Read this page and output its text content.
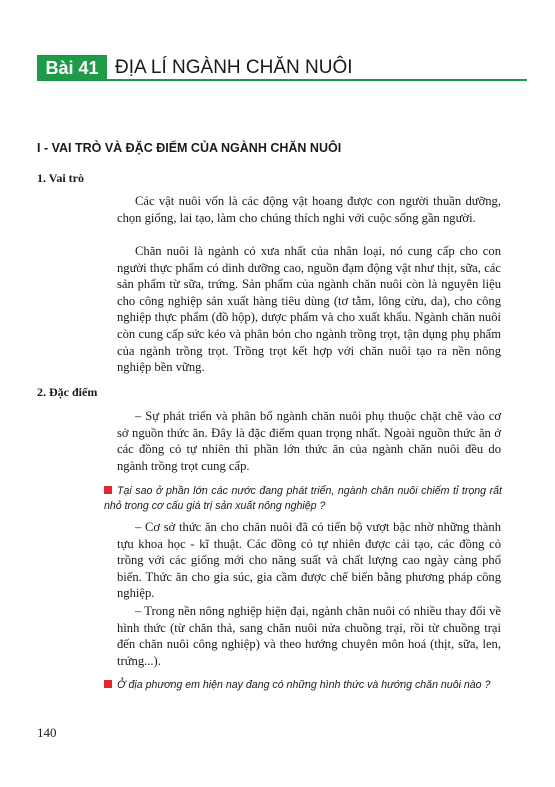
Bài 41 ĐỊA LÍ NGÀNH CHĂN NUÔI
I - VAI TRÒ VÀ ĐẶC ĐIỂM CỦA NGÀNH CHĂN NUÔI
1. Vai trò

Các vật nuôi vốn là các động vật hoang được con người thuần dưỡng, chọn giống, lai tạo, làm cho chúng thích nghi với cuộc sống gần người.

Chăn nuôi là ngành có xưa nhất của nhân loại, nó cung cấp cho con người thực phẩm có dinh dưỡng cao, nguồn đạm động vật như thịt, sữa, các sản phẩm từ sữa, trứng. Sản phẩm của ngành chăn nuôi còn là nguyên liệu cho công nghiệp sản xuất hàng tiêu dùng (tơ tằm, lông cừu, da), cho công nghiệp thực phẩm (đồ hộp), dược phẩm và cho xuất khẩu. Ngành chăn nuôi còn cung cấp sức kéo và phân bón cho ngành trồng trọt, tận dụng phụ phẩm của ngành trồng trọt. Trồng trọt kết hợp với chăn nuôi tạo ra nền nông nghiệp bền vững.

2. Đặc điểm

– Sự phát triển và phân bố ngành chăn nuôi phụ thuộc chặt chẽ vào cơ sở nguồn thức ăn. Đây là đặc điểm quan trọng nhất. Ngoài nguồn thức ăn ở các đồng cỏ tự nhiên thì phần lớn thức ăn của ngành chăn nuôi đều do ngành trồng trọt cung cấp.

Tại sao ở phần lớn các nước đang phát triển, ngành chăn nuôi chiếm tỉ trọng rất nhỏ trong cơ cấu giá trị sản xuất nông nghiệp ?

– Cơ sở thức ăn cho chăn nuôi đã có tiến bộ vượt bậc nhờ những thành tựu khoa học - kĩ thuật. Các đồng cỏ tự nhiên được cải tạo, các đồng cỏ trồng với các giống mới cho năng suất và chất lượng cao ngày càng phổ biến. Thức ăn cho gia súc, gia cầm được chế biến bằng phương pháp công nghiệp.

– Trong nền nông nghiệp hiện đại, ngành chăn nuôi có nhiều thay đổi về hình thức (từ chăn thả, sang chăn nuôi nửa chuồng trại, rồi từ chuồng trại đến chăn nuôi công nghiệp) và theo hướng chuyên môn hoá (thịt, sữa, len, trứng...).

Ở địa phương em hiện nay đang có những hình thức và hướng chăn nuôi nào ?

140
